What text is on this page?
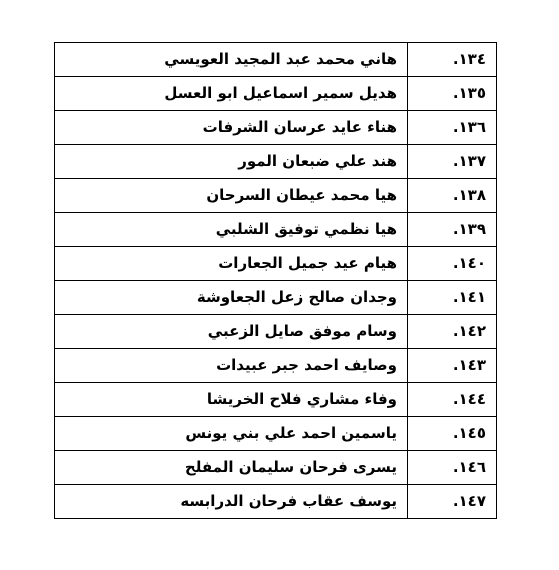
١٣٤.	هاني محمد عبد المجيد العويسي
١٣٥.	هديل سمير اسماعيل ابو العسل
١٣٦.	هناء عايد عرسان الشرفات
١٣٧.	هند علي ضبعان المور
١٣٨.	هيا محمد عيطان السرحان
١٣٩.	هيا نظمي توفيق الشلبي
١٤٠.	هيام عيد جميل الجعارات
١٤١.	وجدان صالح زعل الجعاوشة
١٤٢.	وسام موفق صايل الزعبي
١٤٣.	وصايف احمد جبر عبيدات
١٤٤.	وفاء مشاري فلاح الخريشا
١٤٥.	ياسمين احمد علي بني يونس
١٤٦.	يسرى فرحان سليمان المفلح
١٤٧.	يوسف عقاب فرحان الدرابسه
